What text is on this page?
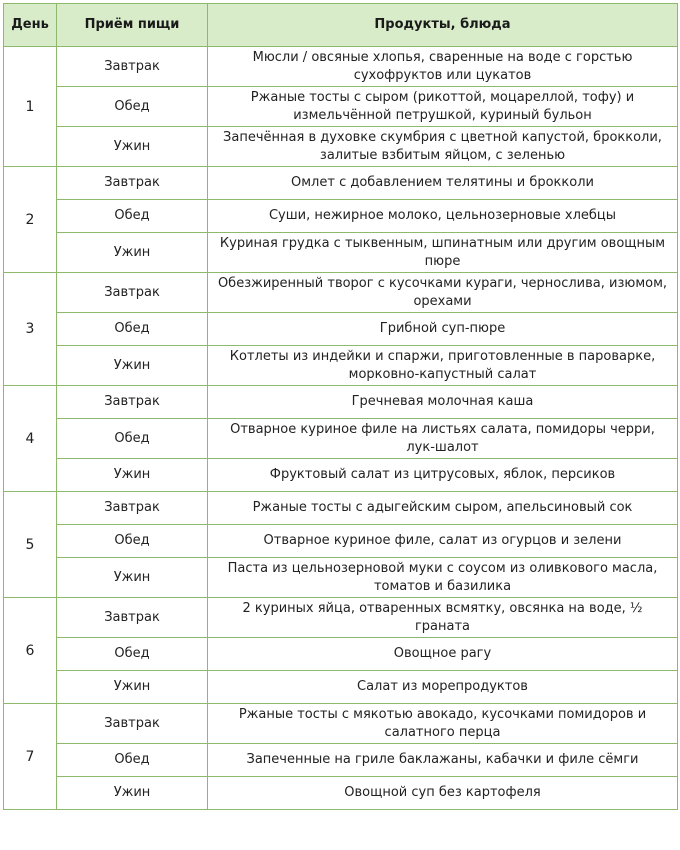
День	Приём пищи	Продукты, блюда
1	Завтрак	Мюсли / овсяные хлопья, сваренные на воде с горстью сухофруктов или цукатов
	Обед	Ржаные тосты с сыром (рикоттой, моцареллой, тофу) и измельчённой петрушкой, куриный бульон
	Ужин	Запечённая в духовке скумбрия с цветной капустой, брокколи, залитые взбитым яйцом, с зеленью
2	Завтрак	Омлет с добавлением телятины и брокколи
	Обед	Суши, нежирное молоко, цельнозерновые хлебцы
	Ужин	Куриная грудка с тыквенным, шпинатным или другим овощным пюре
3	Завтрак	Обезжиренный творог с кусочками кураги, чернослива, изюмом, орехами
	Обед	Грибной суп-пюре
	Ужин	Котлеты из индейки и спаржи, приготовленные в пароварке, морковно-капустный салат
4	Завтрак	Гречневая молочная каша
	Обед	Отварное куриное филе на листьях салата, помидоры черри, лук-шалот
	Ужин	Фруктовый салат из цитрусовых, яблок, персиков
5	Завтрак	Ржаные тосты с адыгейским сыром, апельсиновый сок
	Обед	Отварное куриное филе, салат из огурцов и зелени
	Ужин	Паста из цельнозерновой муки с соусом из оливкового масла, томатов и базилика
6	Завтрак	2 куриных яйца, отваренных всмятку, овсянка на воде, ½ граната
	Обед	Овощное рагу
	Ужин	Салат из морепродуктов
7	Завтрак	Ржаные тосты с мякотью авокадо, кусочками помидоров и салатного перца
	Обед	Запеченные на гриле баклажаны, кабачки и филе сёмги
	Ужин	Овощной суп без картофеля
